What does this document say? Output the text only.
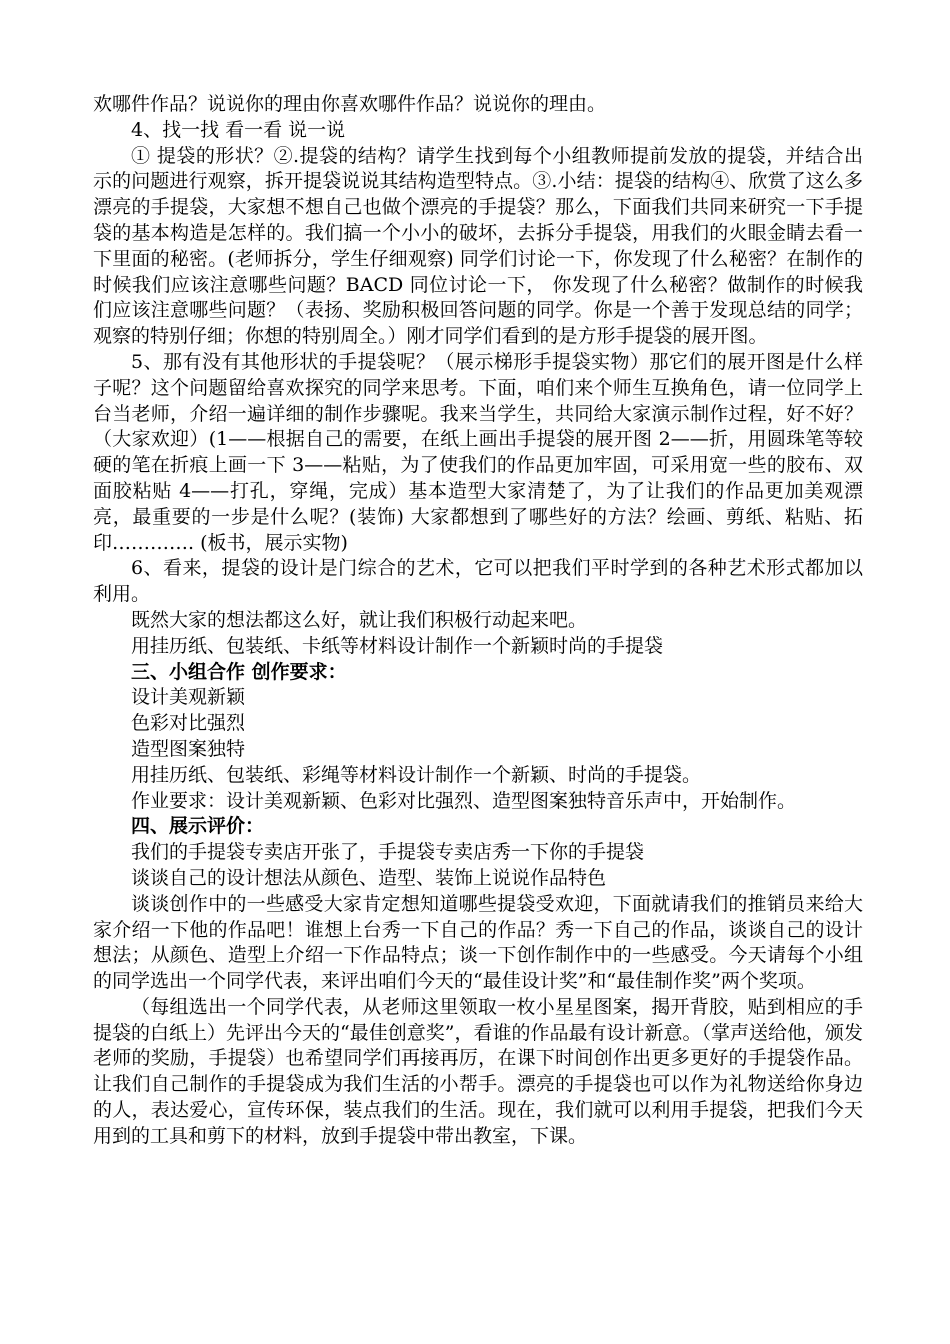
欢哪件作品？说说你的理由你喜欢哪件作品？说说你的理由。

4、找一找 看一看 说一说

① 提袋的形状？②.提袋的结构？请学生找到每个小组教师提前发放的提袋，并结合出示的问题进行观察，拆开提袋说说其结构造型特点。③.小结：提袋的结构④、欣赏了这么多漂亮的手提袋，大家想不想自己也做个漂亮的手提袋？那么，下面我们共同来研究一下手提袋的基本构造是怎样的。我们搞一个小小的破坏，去拆分手提袋，用我们的火眼金睛去看一下里面的秘密。(老师拆分，学生仔细观察) 同学们讨论一下，你发现了什么秘密？在制作的时候我们应该注意哪些问题？BACD 同位讨论一下， 你发现了什么秘密？做制作的时候我们应该注意哪些问题？（表扬、奖励积极回答问题的同学。你是一个善于发现总结的同学；观察的特别仔细；你想的特别周全。）刚才同学们看到的是方形手提袋的展开图。

5、那有没有其他形状的手提袋呢？（展示梯形手提袋实物）那它们的展开图是什么样子呢？这个问题留给喜欢探究的同学来思考。下面，咱们来个师生互换角色，请一位同学上台当老师，介绍一遍详细的制作步骤呢。我来当学生，共同给大家演示制作过程，好不好？（大家欢迎）(1——根据自己的需要，在纸上画出手提袋的展开图 2——折，用圆珠笔等较硬的笔在折痕上画一下 3——粘贴，为了使我们的作品更加牢固，可采用宽一些的胶布、双面胶粘贴 4——打孔，穿绳，完成）基本造型大家清楚了，为了让我们的作品更加美观漂亮，最重要的一步是什么呢？(装饰) 大家都想到了哪些好的方法？绘画、剪纸、粘贴、拓印…………. (板书，展示实物)

6、看来，提袋的设计是门综合的艺术，它可以把我们平时学到的各种艺术形式都加以利用。

既然大家的想法都这么好，就让我们积极行动起来吧。

用挂历纸、包装纸、卡纸等材料设计制作一个新颖时尚的手提袋

三、小组合作 创作要求：

设计美观新颖

色彩对比强烈

造型图案独特

用挂历纸、包装纸、彩绳等材料设计制作一个新颖、时尚的手提袋。

作业要求：设计美观新颖、色彩对比强烈、造型图案独特音乐声中，开始制作。

四、展示评价：

我们的手提袋专卖店开张了，手提袋专卖店秀一下你的手提袋

谈谈自己的设计想法从颜色、造型、装饰上说说作品特色

谈谈创作中的一些感受大家肯定想知道哪些提袋受欢迎，下面就请我们的推销员来给大家介绍一下他的作品吧！谁想上台秀一下自己的作品？秀一下自己的作品，谈谈自己的设计想法；从颜色、造型上介绍一下作品特点；谈一下创作制作中的一些感受。今天请每个小组的同学选出一个同学代表，来评出咱们今天的“最佳设计奖”和“最佳制作奖”两个奖项。

（每组选出一个同学代表，从老师这里领取一枚小星星图案，揭开背胶，贴到相应的手提袋的白纸上）先评出今天的“最佳创意奖”，看谁的作品最有设计新意。（掌声送给他，颁发老师的奖励，手提袋）也希望同学们再接再厉，在课下时间创作出更多更好的手提袋作品。让我们自己制作的手提袋成为我们生活的小帮手。漂亮的手提袋也可以作为礼物送给你身边的人，表达爱心，宣传环保，装点我们的生活。现在，我们就可以利用手提袋，把我们今天用到的工具和剪下的材料，放到手提袋中带出教室，下课。
